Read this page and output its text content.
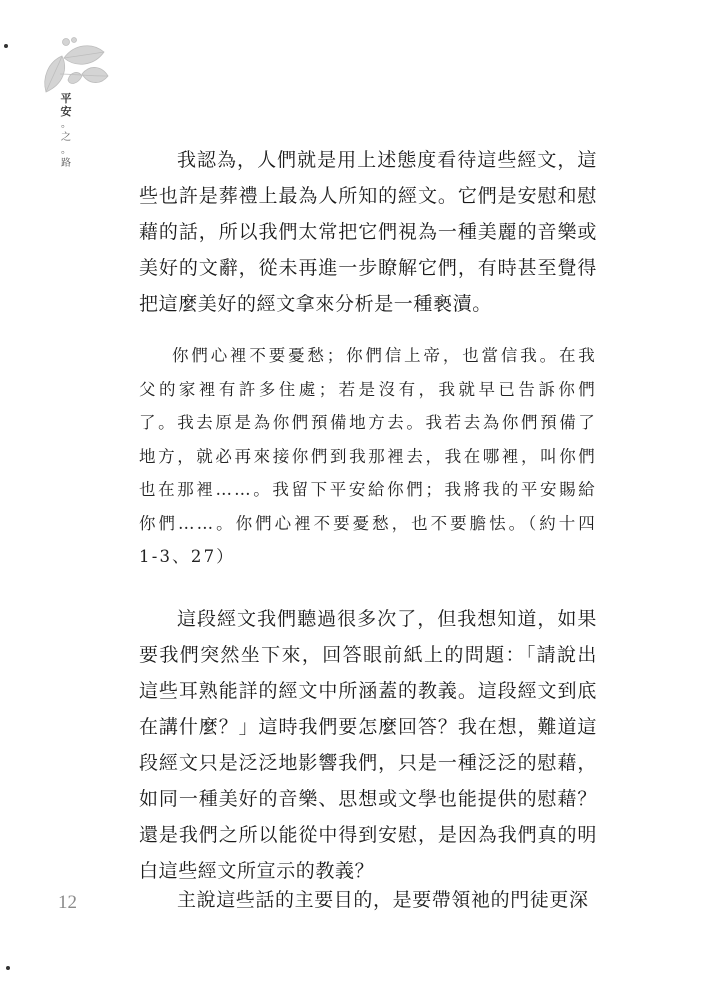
平
安
。
之
。
路	我認為，人們就是用上述態度看待這些經文，這些也許是葬禮上最為人所知的經文。它們是安慰和慰藉的話，所以我們太常把它們視為一種美麗的音樂或美好的文辭，從未再進一步瞭解它們，有時甚至覺得把這麼美好的經文拿來分析是一種褻瀆。

你們心裡不要憂愁；你們信上帝，也當信我。在我父的家裡有許多住處；若是沒有，我就早已告訴你們了。我去原是為你們預備地方去。我若去為你們預備了地方，就必再來接你們到我那裡去，我在哪裡，叫你們也在那裡……。我留下平安給你們；我將我的平安賜給你們……。你們心裡不要憂愁，也不要膽怯。（約十四1-3、27）

這段經文我們聽過很多次了，但我想知道，如果要我們突然坐下來，回答眼前紙上的問題：「請說出這些耳熟能詳的經文中所涵蓋的教義。這段經文到底在講什麼？」這時我們要怎麼回答？我在想，難道這段經文只是泛泛地影響我們，只是一種泛泛的慰藉，如同一種美好的音樂、思想或文學也能提供的慰藉？還是我們之所以能從中得到安慰，是因為我們真的明白這些經文所宣示的教義？

主說這些話的主要目的，是要帶領祂的門徒更深

12
